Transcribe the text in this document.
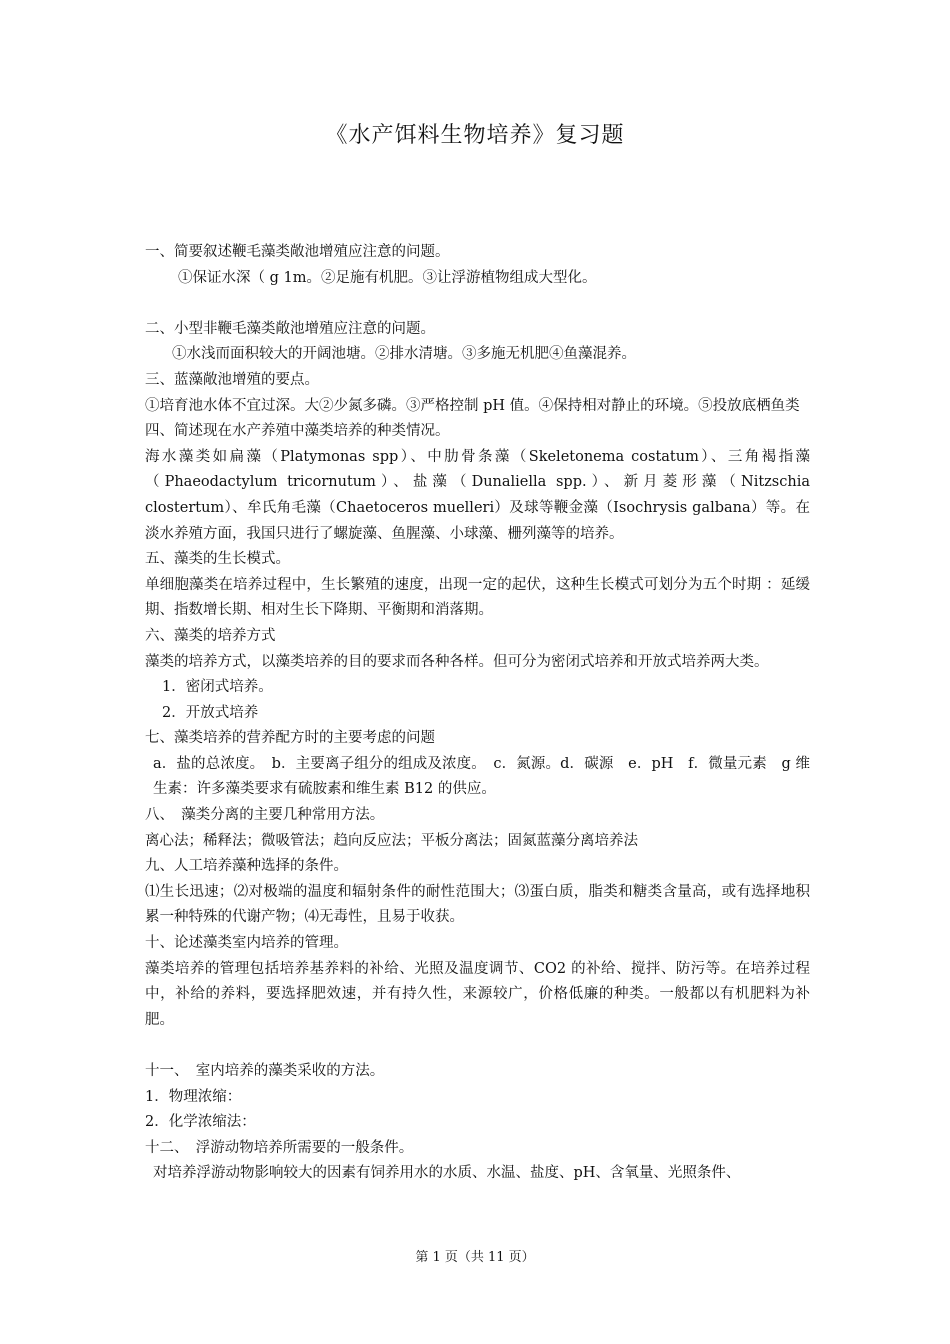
《水产饵料生物培养》复习题
一、简要叙述鞭毛藻类敞池增殖应注意的问题。
①保证水深（ g 1m。②足施有机肥。③让浮游植物组成大型化。
二、小型非鞭毛藻类敞池增殖应注意的问题。
①水浅而面积较大的开阔池塘。②排水清塘。③多施无机肥④鱼藻混养。
三、蓝藻敞池增殖的要点。
①培育池水体不宜过深。大②少氮多磷。③严格控制 pH 值。④保持相对静止的环境。⑤投放底栖鱼类
四、简述现在水产养殖中藻类培养的种类情况。
海水藻类如扁藻（Platymonas spp）、中肋骨条藻（Skeletonema costatum）、三角褐指藻（Phaeodactylum tricornutum）、盐藻（Dunaliella spp.）、新月菱形藻（Nitzschia clostertum）、牟氏角毛藻（Chaetoceros muelleri）及球等鞭金藻（Isochrysis galbana）等。在淡水养殖方面，我国只进行了螺旋藻、鱼腥藻、小球藻、栅列藻等的培养。
五、藻类的生长模式。
单细胞藻类在培养过程中，生长繁殖的速度，出现一定的起伏，这种生长模式可划分为五个时期 ：延缓期、指数增长期、相对生长下降期、平衡期和消落期。
六、藻类的培养方式
藻类的培养方式，以藻类培养的目的要求而各种各样。但可分为密闭式培养和开放式培养两大类。
1．密闭式培养。
2．开放式培养
七、藻类培养的营养配方时的主要考虑的问题
a．盐的总浓度。　b．主要离子组分的组成及浓度。　c．氮源。d．碳源　e．pH　f．微量元素　g 维生素：许多藻类要求有硫胺素和维生素 B12 的供应。
八、　藻类分离的主要几种常用方法。
离心法；稀释法；微吸管法；趋向反应法；平板分离法；固氮蓝藻分离培养法
九、人工培养藻种选择的条件。
⑴生长迅速；⑵对极端的温度和辐射条件的耐性范围大；⑶蛋白质，脂类和糖类含量高，或有选择地积累一种特殊的代谢产物；⑷无毒性，且易于收获。
十、论述藻类室内培养的管理。
藻类培养的管理包括培养基养料的补给、光照及温度调节、CO2 的补给、搅拌、防污等。在培养过程中，补给的养料，要选择肥效速，并有持久性，来源较广，价格低廉的种类。一般都以有机肥料为补肥。
十一、　室内培养的藻类采收的方法。
1．物理浓缩：
2．化学浓缩法：
十二、　浮游动物培养所需要的一般条件。
对培养浮游动物影响较大的因素有饲养用水的水质、水温、盐度、pH、含氧量、光照条件、
第 1 页（共 11 页）
